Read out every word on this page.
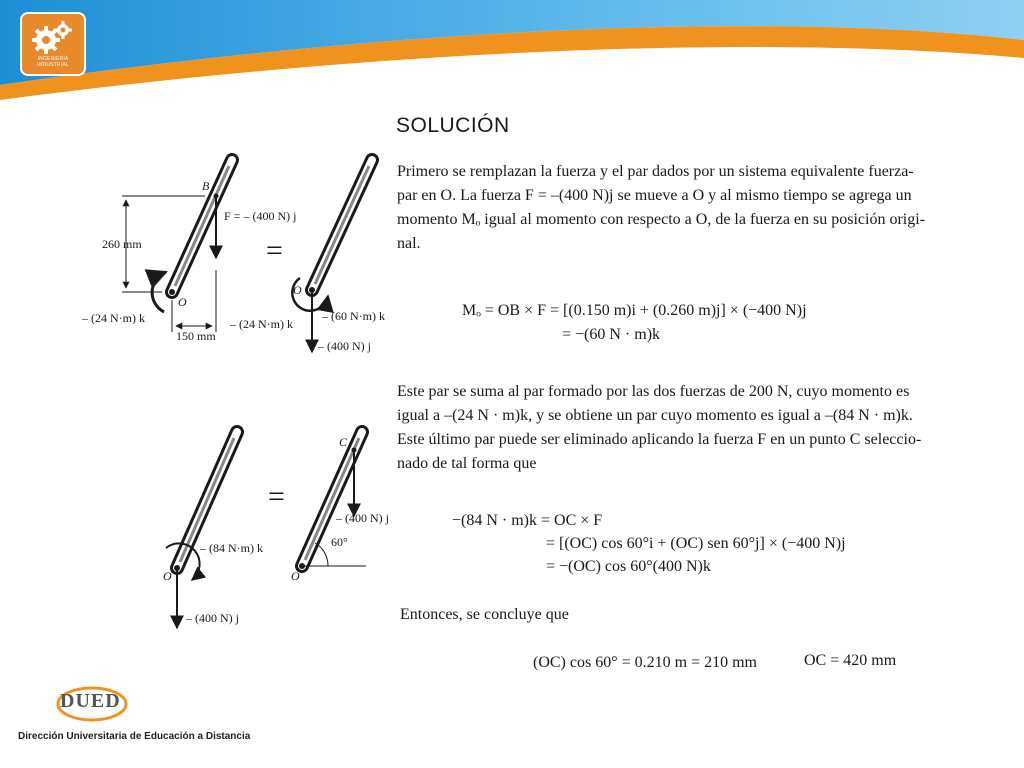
INGENIERÍA INDUSTRIAL
B
O
F = – (400 N) j
260 mm
150 mm
– (24 N·m) k	– (24 N·m) k
=
O
– (60 N·m) k
– (400 N) j
– (84 N·m) k
O
– (400 N) j
=
C
– (400 N) j
60°
O
SOLUCIÓN
Primero se remplazan la fuerza y el par dados por un sistema equivalente fuerza-
par en O. La fuerza F = –(400 N)j se mueve a O y al mismo tiempo se agrega un
momento Mₒ igual al momento con respecto a O, de la fuerza en su posición origi-
nal.
Mₒ = OB × F = [(0.150 m)i + (0.260 m)j] × (−400 N)j
= −(60 N · m)k
Este par se suma al par formado por las dos fuerzas de 200 N, cuyo momento es
igual a –(24 N · m)k, y se obtiene un par cuyo momento es igual a –(84 N · m)k.
Este último par puede ser eliminado aplicando la fuerza F en un punto C seleccio-
nado de tal forma que
−(84 N · m)k = OC × F
= [(OC) cos 60°i + (OC) sen 60°j] × (−400 N)j
= −(OC) cos 60°(400 N)k
Entonces, se concluye que
(OC) cos 60° = 0.210 m = 210 mm	OC = 420 mm
DUED
Dirección Universitaria de Educación a Distancia
